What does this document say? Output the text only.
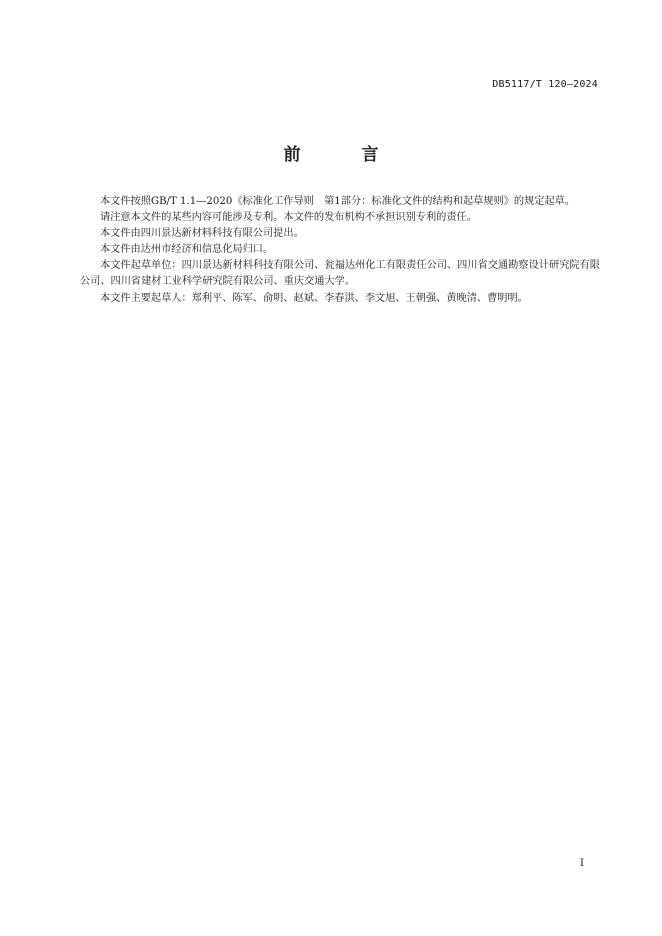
DB5117/T 120—2024
前　言

本文件按照GB/T 1.1—2020《标准化工作导则　第1部分：标准化文件的结构和起草规则》的规定起草。

请注意本文件的某些内容可能涉及专利。本文件的发布机构不承担识别专利的责任。

本文件由四川景达新材料科技有限公司提出。

本文件由达州市经济和信息化局归口。

本文件起草单位：四川景达新材料科技有限公司、瓮福达州化工有限责任公司、四川省交通勘察设计研究院有限公司、四川省建材工业科学研究院有限公司、重庆交通大学。

本文件主要起草人：郑利平、陈军、俞明、赵斌、李春洪、李文旭、王朝强、黄晚清、曹明明。

I
